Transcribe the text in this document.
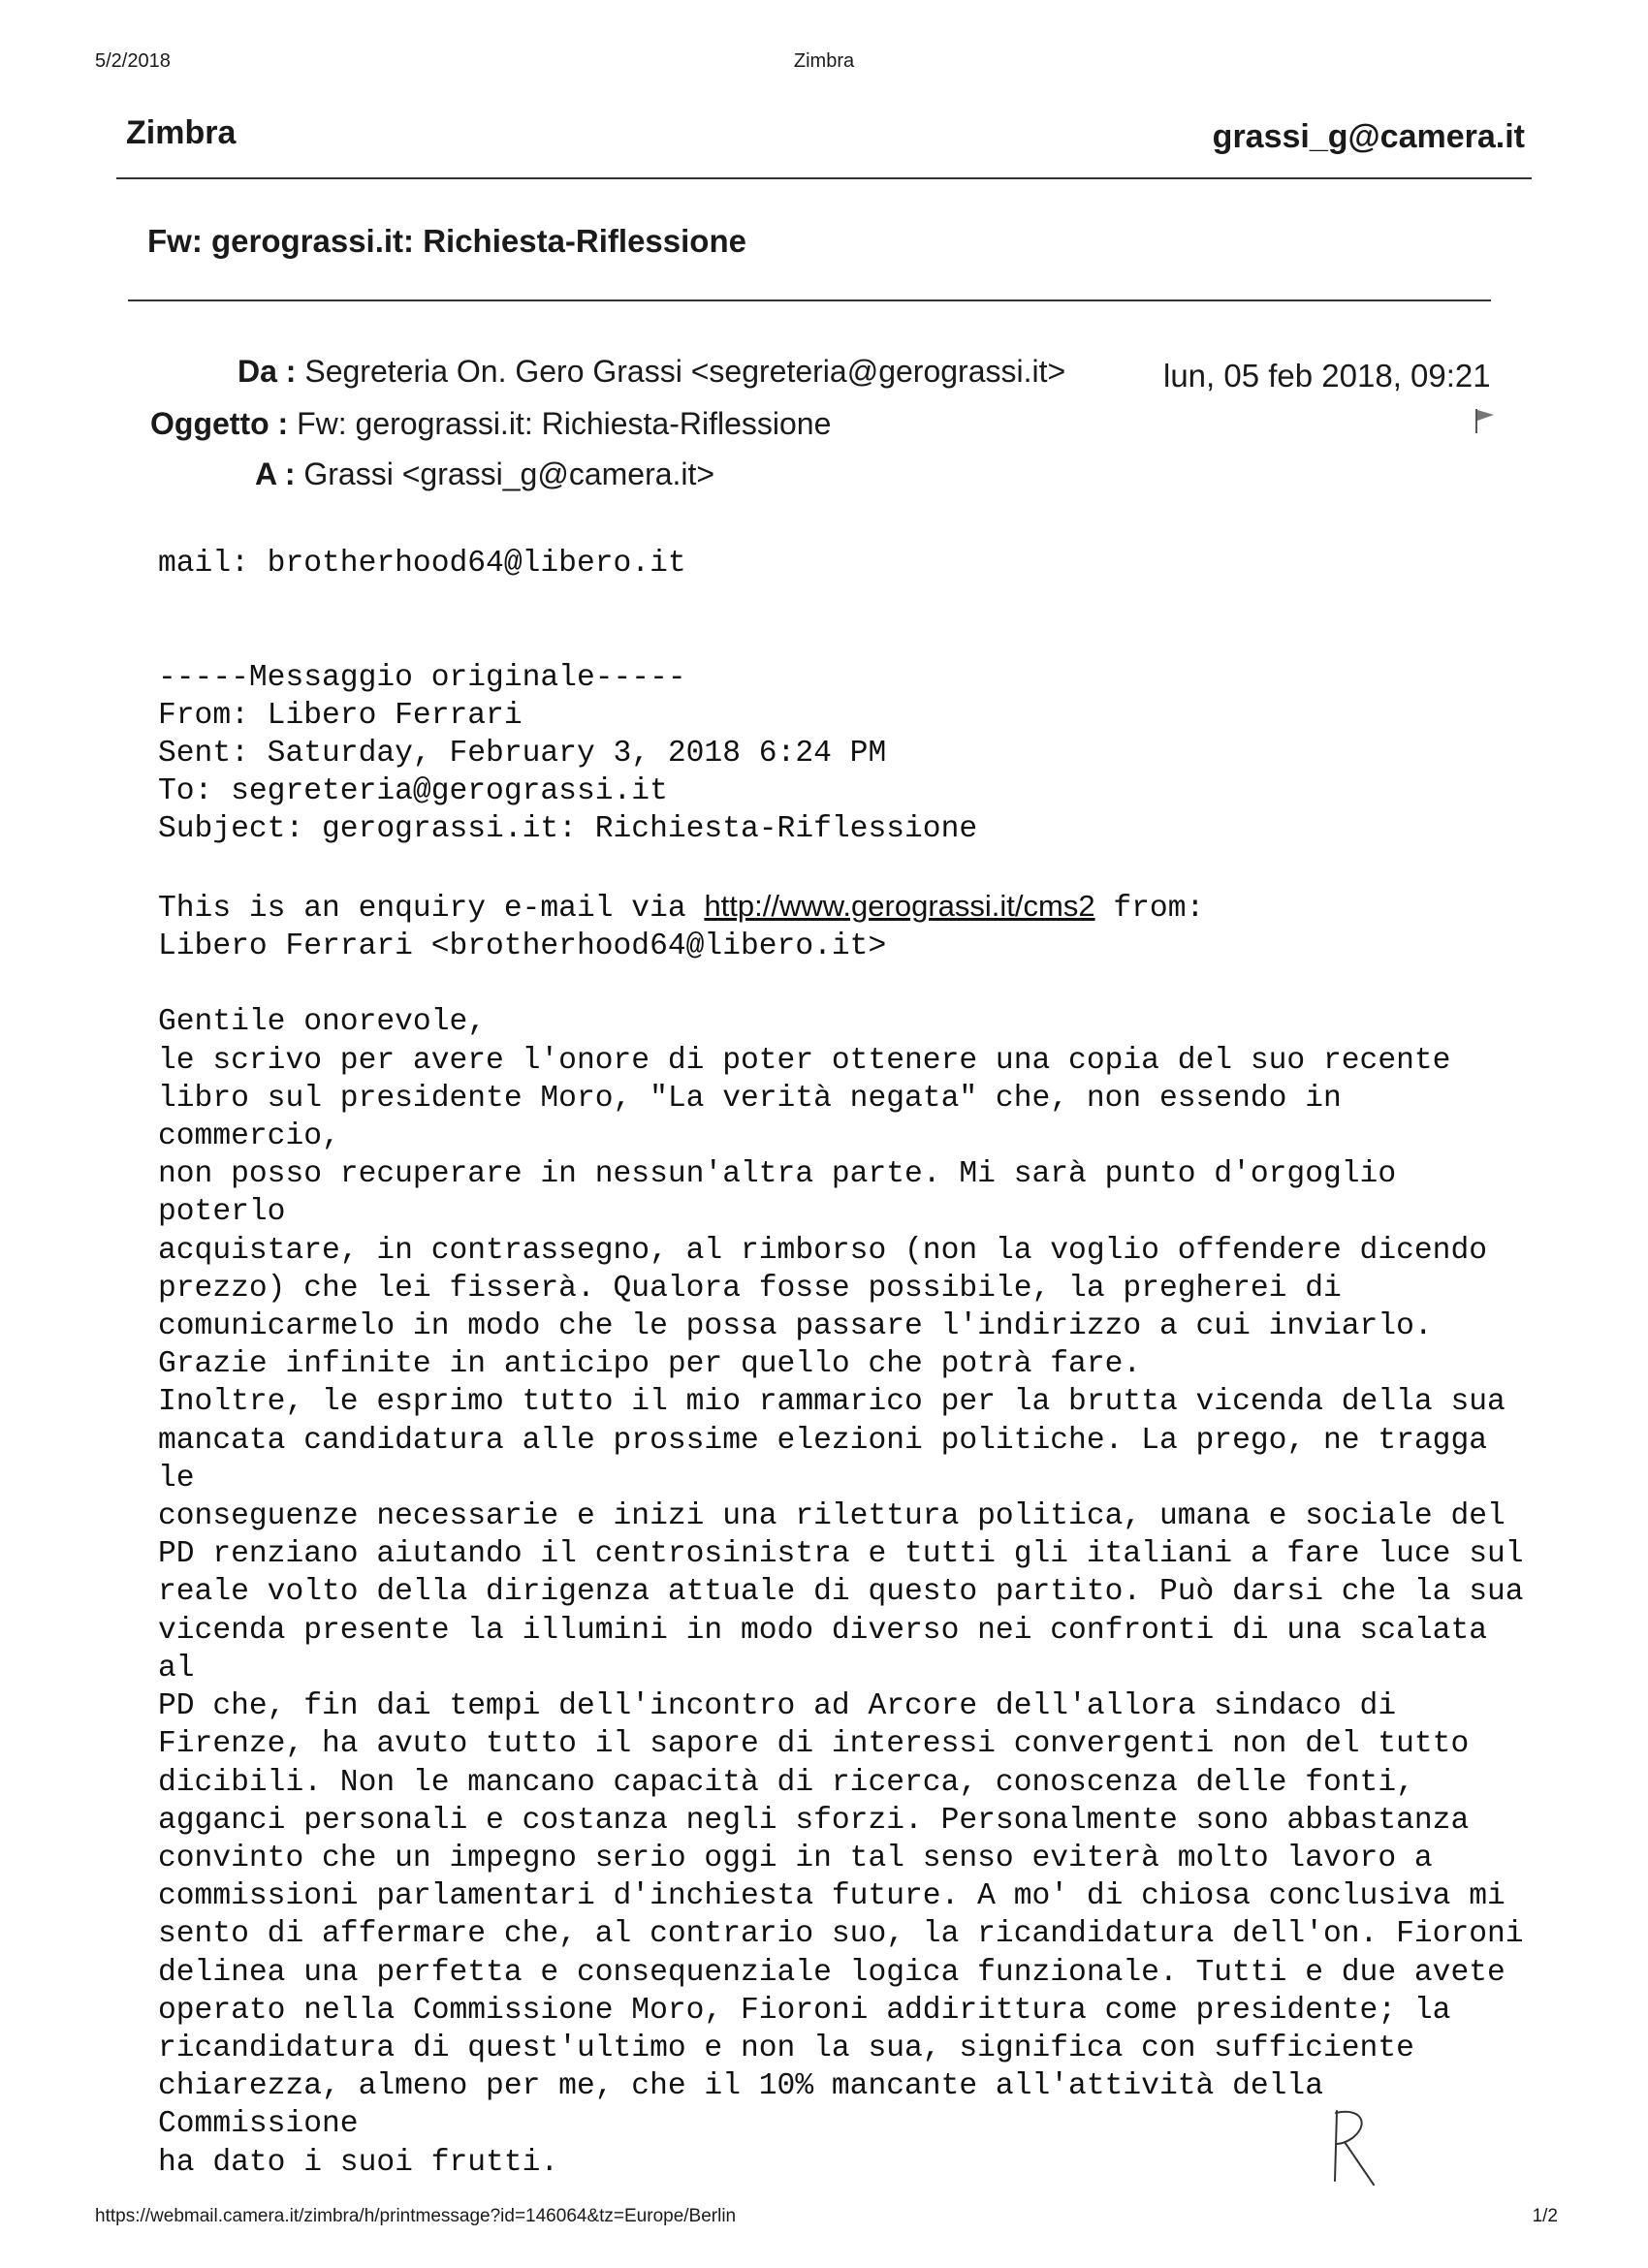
5/2/2018	Zimbra
Zimbra	grassi_g@camera.it
Fw: gerograssi.it: Richiesta-Riflessione
Da : Segreteria On. Gero Grassi <segreteria@gerograssi.it>	lun, 05 feb 2018, 09:21
Oggetto : Fw: gerograssi.it: Richiesta-Riflessione
A : Grassi <grassi_g@camera.it>
mail: brotherhood64@libero.it

-----Messaggio originale-----
From: Libero Ferrari
Sent: Saturday, February 3, 2018 6:24 PM
To: segreteria@gerograssi.it
Subject: gerograssi.it: Richiesta-Riflessione

This is an enquiry e-mail via http://www.gerograssi.it/cms2 from:
Libero Ferrari <brotherhood64@libero.it>

Gentile onorevole,
le scrivo per avere l'onore di poter ottenere una copia del suo recente
libro sul presidente Moro, "La verità negata" che, non essendo in
commercio,
non posso recuperare in nessun'altra parte. Mi sarà punto d'orgoglio
poterlo
acquistare, in contrassegno, al rimborso (non la voglio offendere dicendo
prezzo) che lei fisserà. Qualora fosse possibile, la pregherei di
comunicarmelo in modo che le possa passare l'indirizzo a cui inviarlo.
Grazie infinite in anticipo per quello che potrà fare.
Inoltre, le esprimo tutto il mio rammarico per la brutta vicenda della sua
mancata candidatura alle prossime elezioni politiche. La prego, ne tragga
le
conseguenze necessarie e inizi una rilettura politica, umana e sociale del
PD renziano aiutando il centrosinistra e tutti gli italiani a fare luce sul
reale volto della dirigenza attuale di questo partito. Può darsi che la sua
vicenda presente la illumini in modo diverso nei confronti di una scalata
al
PD che, fin dai tempi dell'incontro ad Arcore dell'allora sindaco di
Firenze, ha avuto tutto il sapore di interessi convergenti non del tutto
dicibili. Non le mancano capacità di ricerca, conoscenza delle fonti,
agganci personali e costanza negli sforzi. Personalmente sono abbastanza
convinto che un impegno serio oggi in tal senso eviterà molto lavoro a
commissioni parlamentari d'inchiesta future. A mo' di chiosa conclusiva mi
sento di affermare che, al contrario suo, la ricandidatura dell'on. Fioroni
delinea una perfetta e consequenziale logica funzionale. Tutti e due avete
operato nella Commissione Moro, Fioroni addirittura come presidente; la
ricandidatura di quest'ultimo e non la sua, significa con sufficiente
chiarezza, almeno per me, che il 10% mancante all'attività della
Commissione
ha dato i suoi frutti.
https://webmail.camera.it/zimbra/h/printmessage?id=146064&tz=Europe/Berlin	1/2
